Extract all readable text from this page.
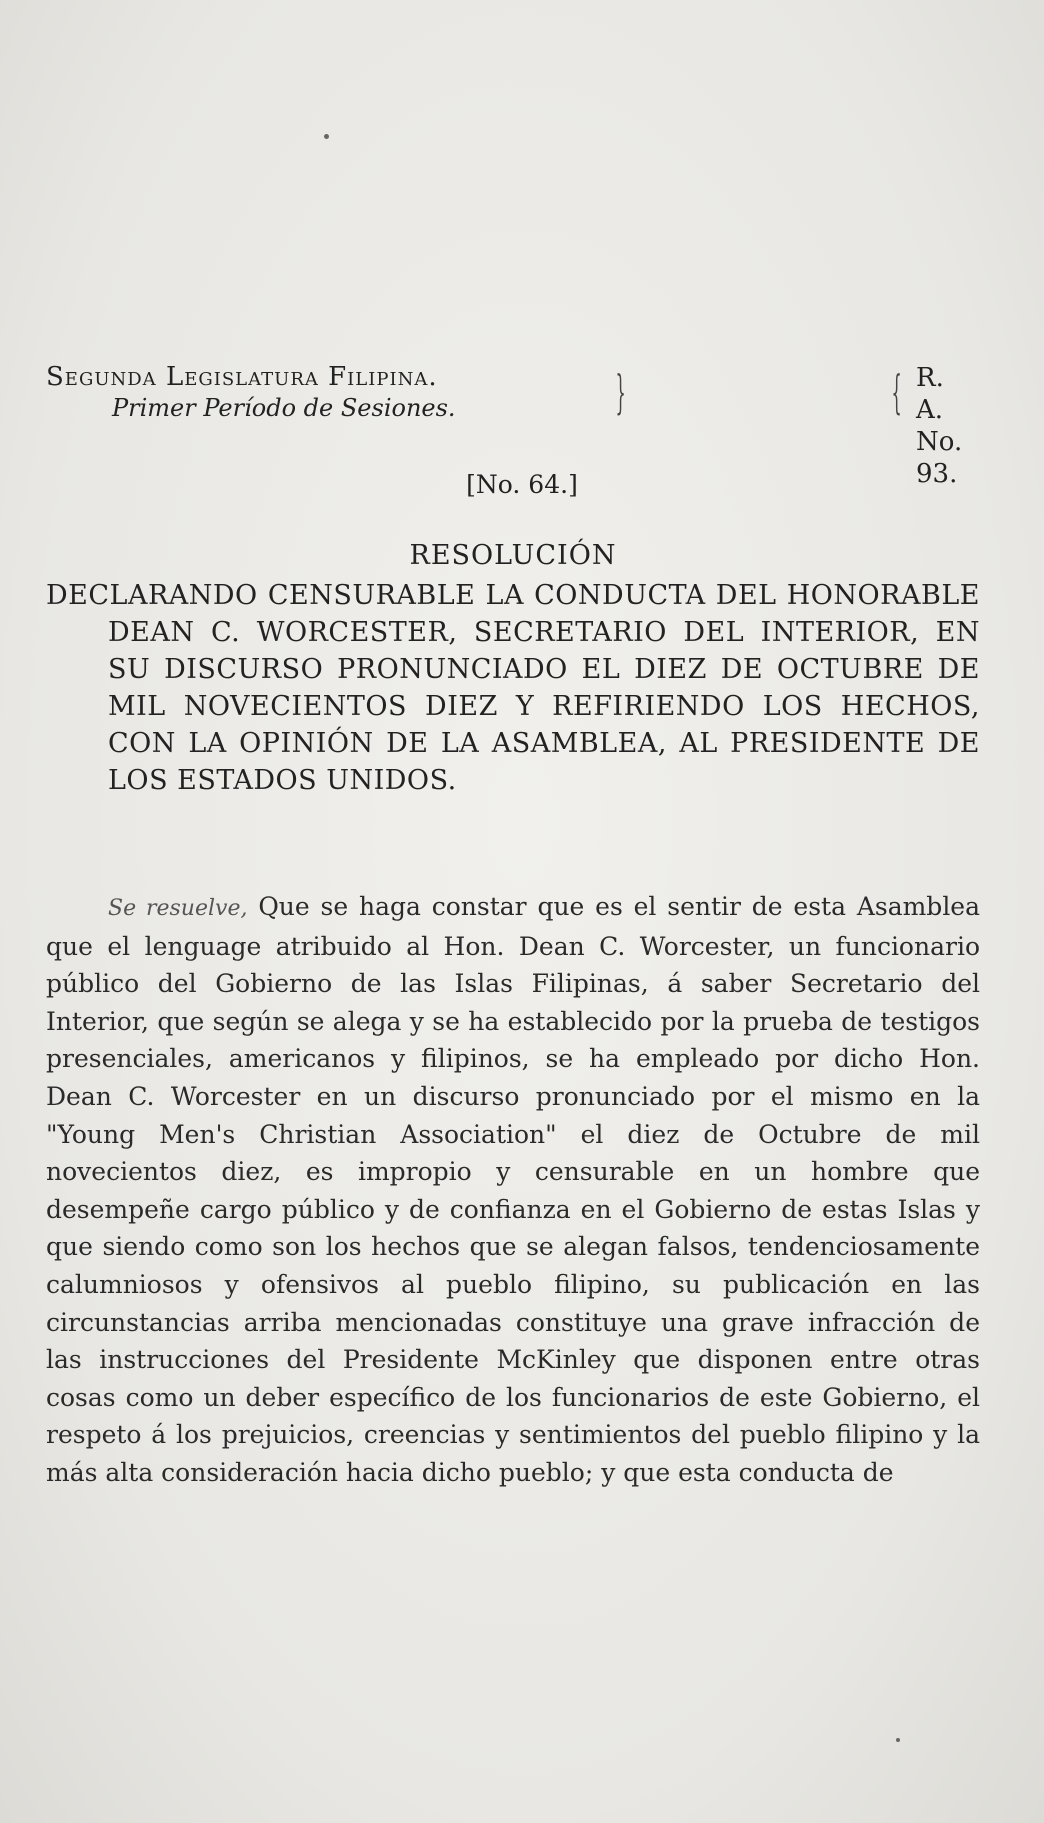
Segunda Legislatura Filipina.
Primer Período de Sesiones.	}	{ R. A.
No. 93.
[No. 64.]
RESOLUCIÓN
DECLARANDO CENSURABLE LA CONDUCTA DEL HONORABLE DEAN C. WORCESTER, SECRETARIO DEL INTERIOR, EN SU DISCURSO PRONUNCIADO EL DIEZ DE OCTUBRE DE MIL NOVECIENTOS DIEZ Y REFIRIENDO LOS HECHOS, CON LA OPINIÓN DE LA ASAMBLEA, AL PRESIDENTE DE LOS ESTADOS UNIDOS.
Se resuelve, Que se haga constar que es el sentir de esta Asamblea que el lenguage atribuido al Hon. Dean C. Worcester, un funcionario público del Gobierno de las Islas Filipinas, á saber Secretario del Interior, que según se alega y se ha establecido por la prueba de testigos presenciales, americanos y filipinos, se ha empleado por dicho Hon. Dean C. Worcester en un discurso pronunciado por el mismo en la "Young Men's Christian Association" el diez de Octubre de mil novecientos diez, es impropio y censurable en un hombre que desempeñe cargo público y de confianza en el Gobierno de estas Islas y que siendo como son los hechos que se alegan falsos, tendenciosamente calumniosos y ofensivos al pueblo filipino, su publicación en las circunstancias arriba mencionadas constituye una grave infracción de las instrucciones del Presidente McKinley que disponen entre otras cosas como un deber específico de los funcionarios de este Gobierno, el respeto á los prejuicios, creencias y sentimientos del pueblo filipino y la más alta consideración hacia dicho pueblo; y que esta conducta de
